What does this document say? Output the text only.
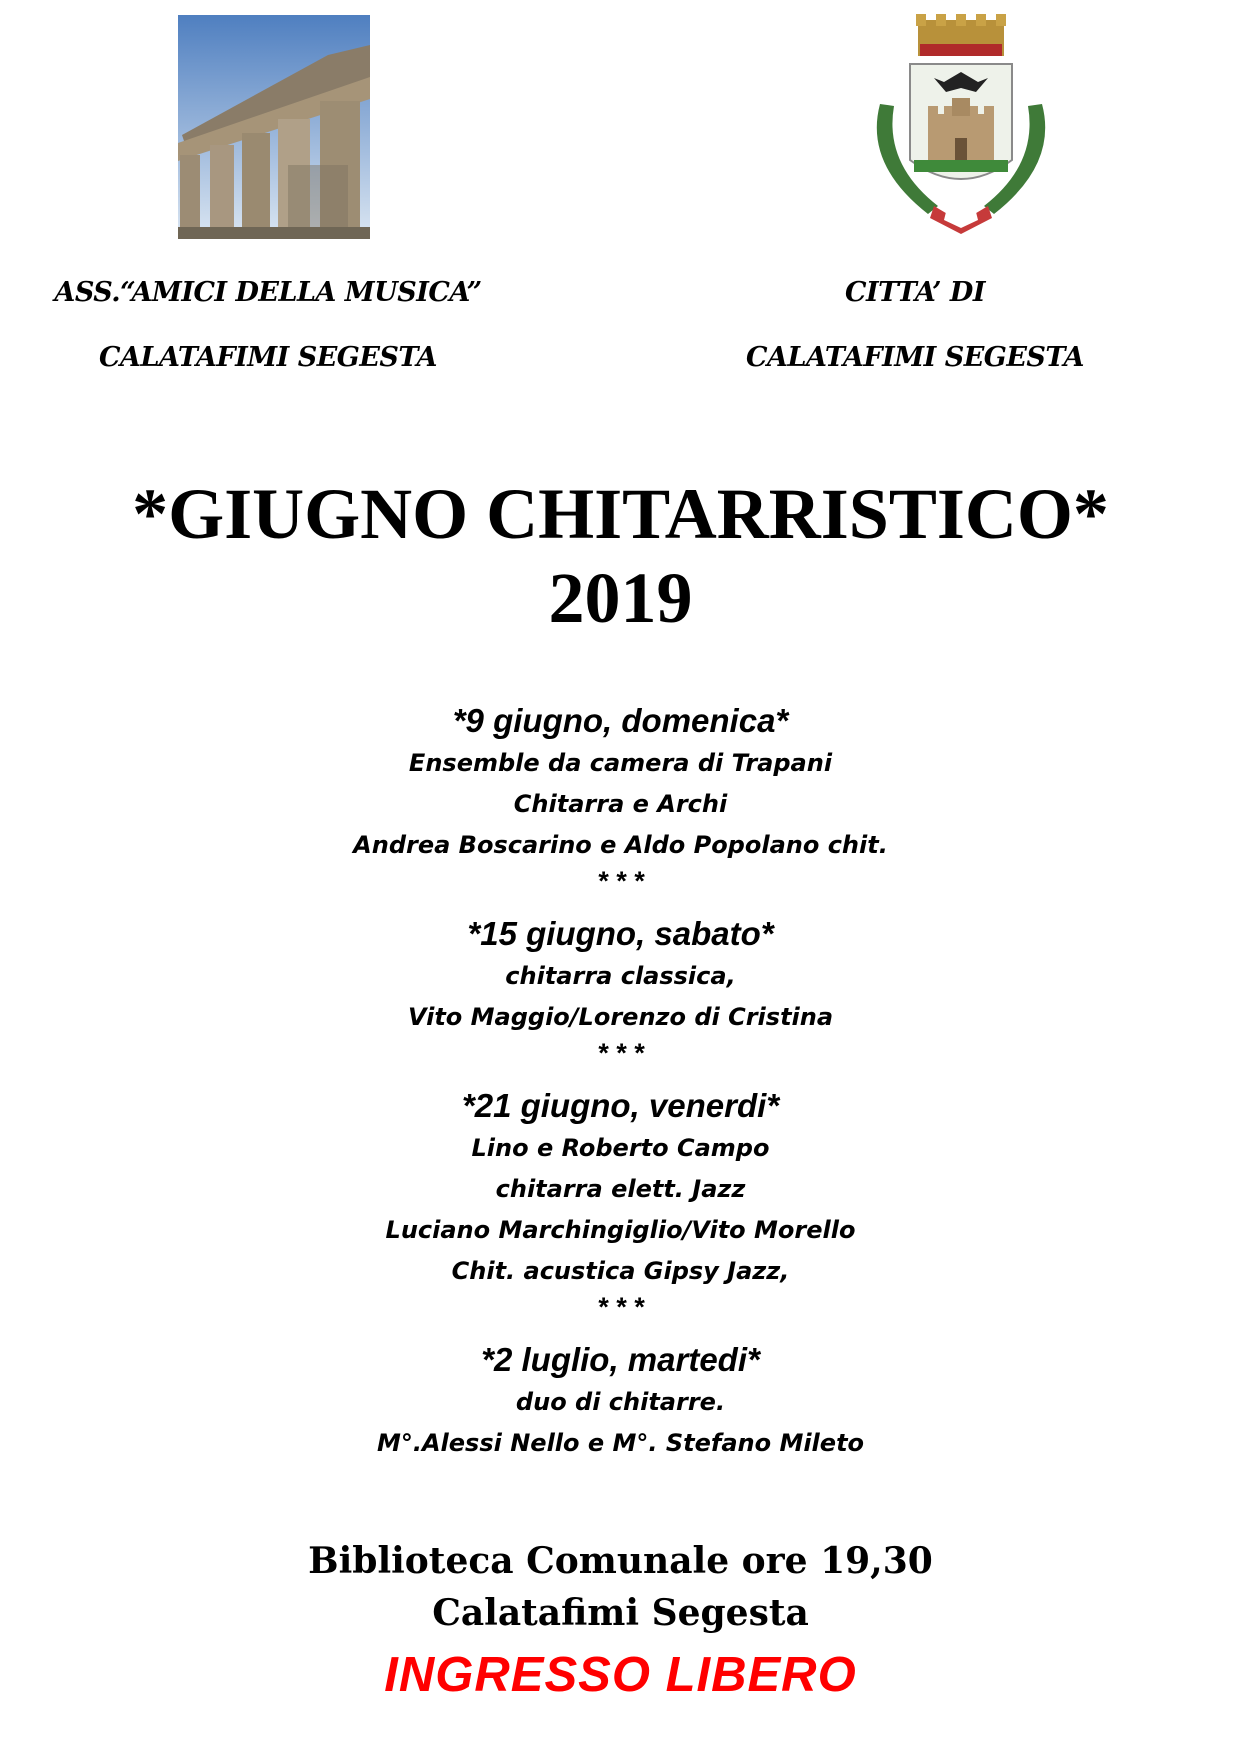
ASS.“AMICI DELLA MUSICA”
CALATAFIMI SEGESTA
CITTA’ DI
CALATAFIMI SEGESTA
*GIUGNO CHITARRISTICO*
2019
*9 giugno, domenica*
Ensemble da camera di Trapani
Chitarra e Archi
Andrea Boscarino e Aldo Popolano chit.
* * *
*15 giugno, sabato*
chitarra classica,
Vito Maggio/Lorenzo di Cristina
* * *
*21 giugno, venerdi*
Lino e Roberto Campo
chitarra elett. Jazz
Luciano Marchingiglio/Vito Morello
Chit. acustica Gipsy Jazz,
* * *
*2 luglio, martedi*
duo di chitarre.
M°.Alessi Nello e M°. Stefano Mileto
Biblioteca Comunale ore 19,30
Calatafimi Segesta
INGRESSO LIBERO
